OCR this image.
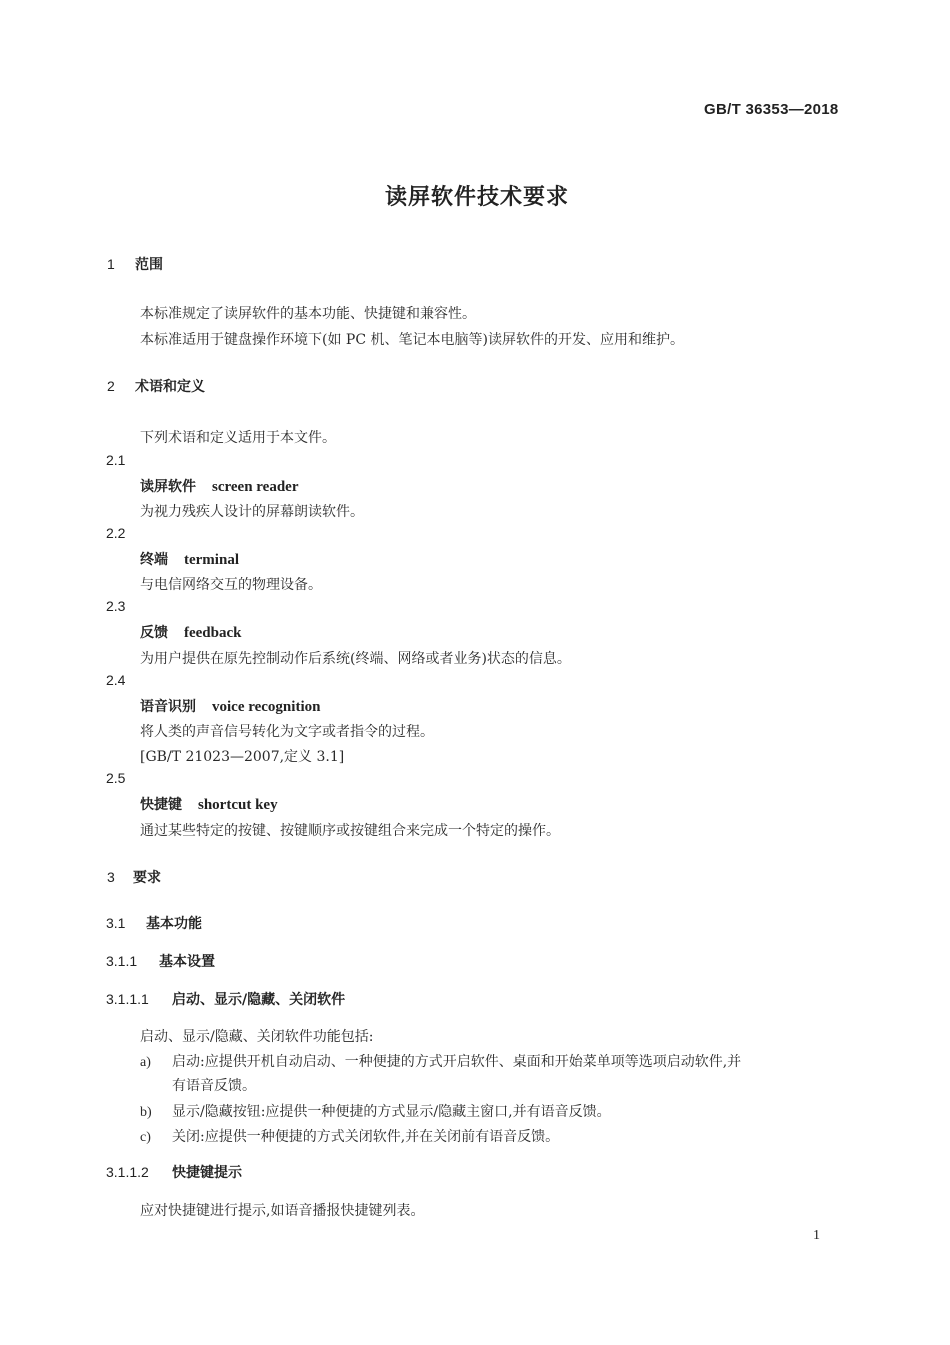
GB/T 36353—2018
读屏软件技术要求
1 范围
本标准规定了读屏软件的基本功能、快捷键和兼容性。
本标准适用于键盘操作环境下(如 PC 机、笔记本电脑等)读屏软件的开发、应用和维护。
2 术语和定义
下列术语和定义适用于本文件。
2.1
读屏软件 screen reader
为视力残疾人设计的屏幕朗读软件。
2.2
终端 terminal
与电信网络交互的物理设备。
2.3
反馈 feedback
为用户提供在原先控制动作后系统(终端、网络或者业务)状态的信息。
2.4
语音识别 voice recognition
将人类的声音信号转化为文字或者指令的过程。
[GB/T 21023—2007,定义 3.1]
2.5
快捷键 shortcut key
通过某些特定的按键、按键顺序或按键组合来完成一个特定的操作。
3 要求
3.1 基本功能
3.1.1 基本设置
3.1.1.1 启动、显示/隐藏、关闭软件
启动、显示/隐藏、关闭软件功能包括:
a) 启动:应提供开机自动启动、一种便捷的方式开启软件、桌面和开始菜单项等选项启动软件,并
有语音反馈。
b) 显示/隐藏按钮:应提供一种便捷的方式显示/隐藏主窗口,并有语音反馈。
c) 关闭:应提供一种便捷的方式关闭软件,并在关闭前有语音反馈。
3.1.1.2 快捷键提示
应对快捷键进行提示,如语音播报快捷键列表。
1
